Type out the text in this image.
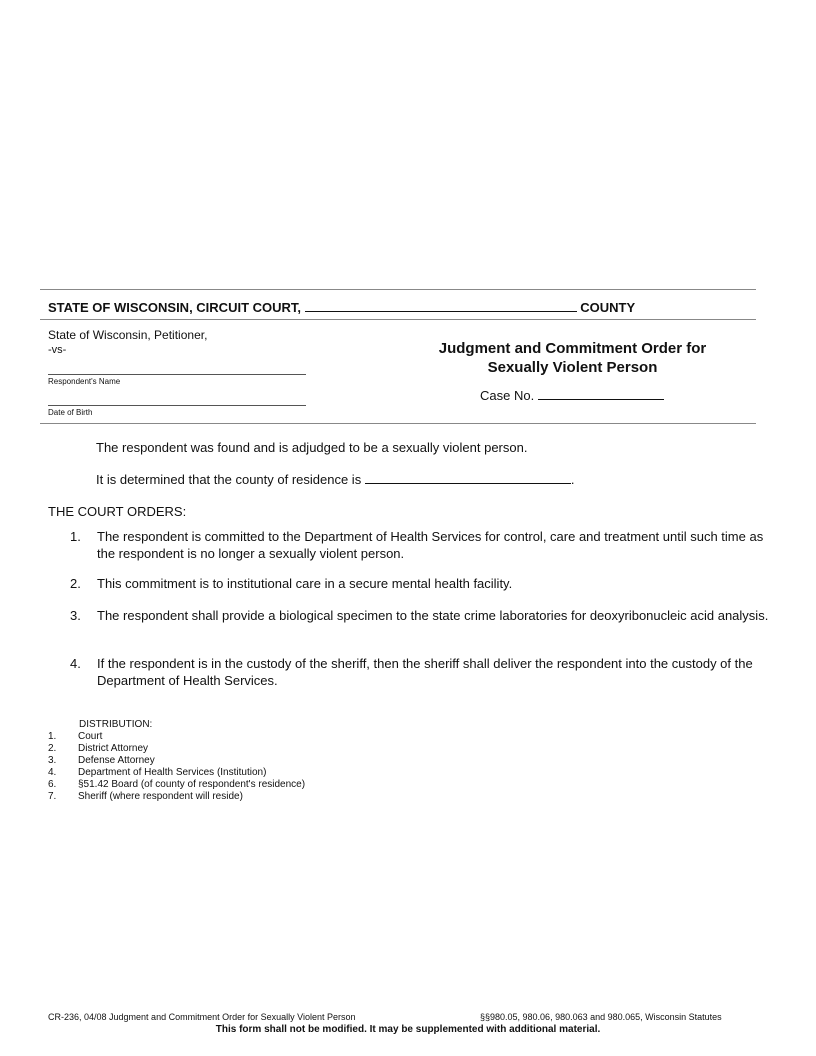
STATE OF WISCONSIN, CIRCUIT COURT,	COUNTY
State of Wisconsin, Petitioner,
-vs-
Respondent's Name
Date of Birth
Judgment and Commitment Order for
Sexually Violent Person
Case No.
The respondent was found and is adjudged to be a sexually violent person.
It is determined that the county of residence is	.
THE COURT ORDERS:
1. The respondent is committed to the Department of Health Services for control, care and treatment until such time as the respondent is no longer a sexually violent person.
2. This commitment is to institutional care in a secure mental health facility.
3. The respondent shall provide a biological specimen to the state crime laboratories for deoxyribonucleic acid analysis.
4. If the respondent is in the custody of the sheriff, then the sheriff shall deliver the respondent into the custody of the Department of Health Services.
DISTRIBUTION:
1. Court
2. District Attorney
3. Defense Attorney
4. Department of Health Services (Institution)
6. §51.42 Board (of county of respondent's residence)
7. Sheriff (where respondent will reside)
CR-236, 04/08 Judgment and Commitment Order for Sexually Violent Person	§§980.05, 980.06, 980.063 and 980.065, Wisconsin Statutes
This form shall not be modified. It may be supplemented with additional material.
